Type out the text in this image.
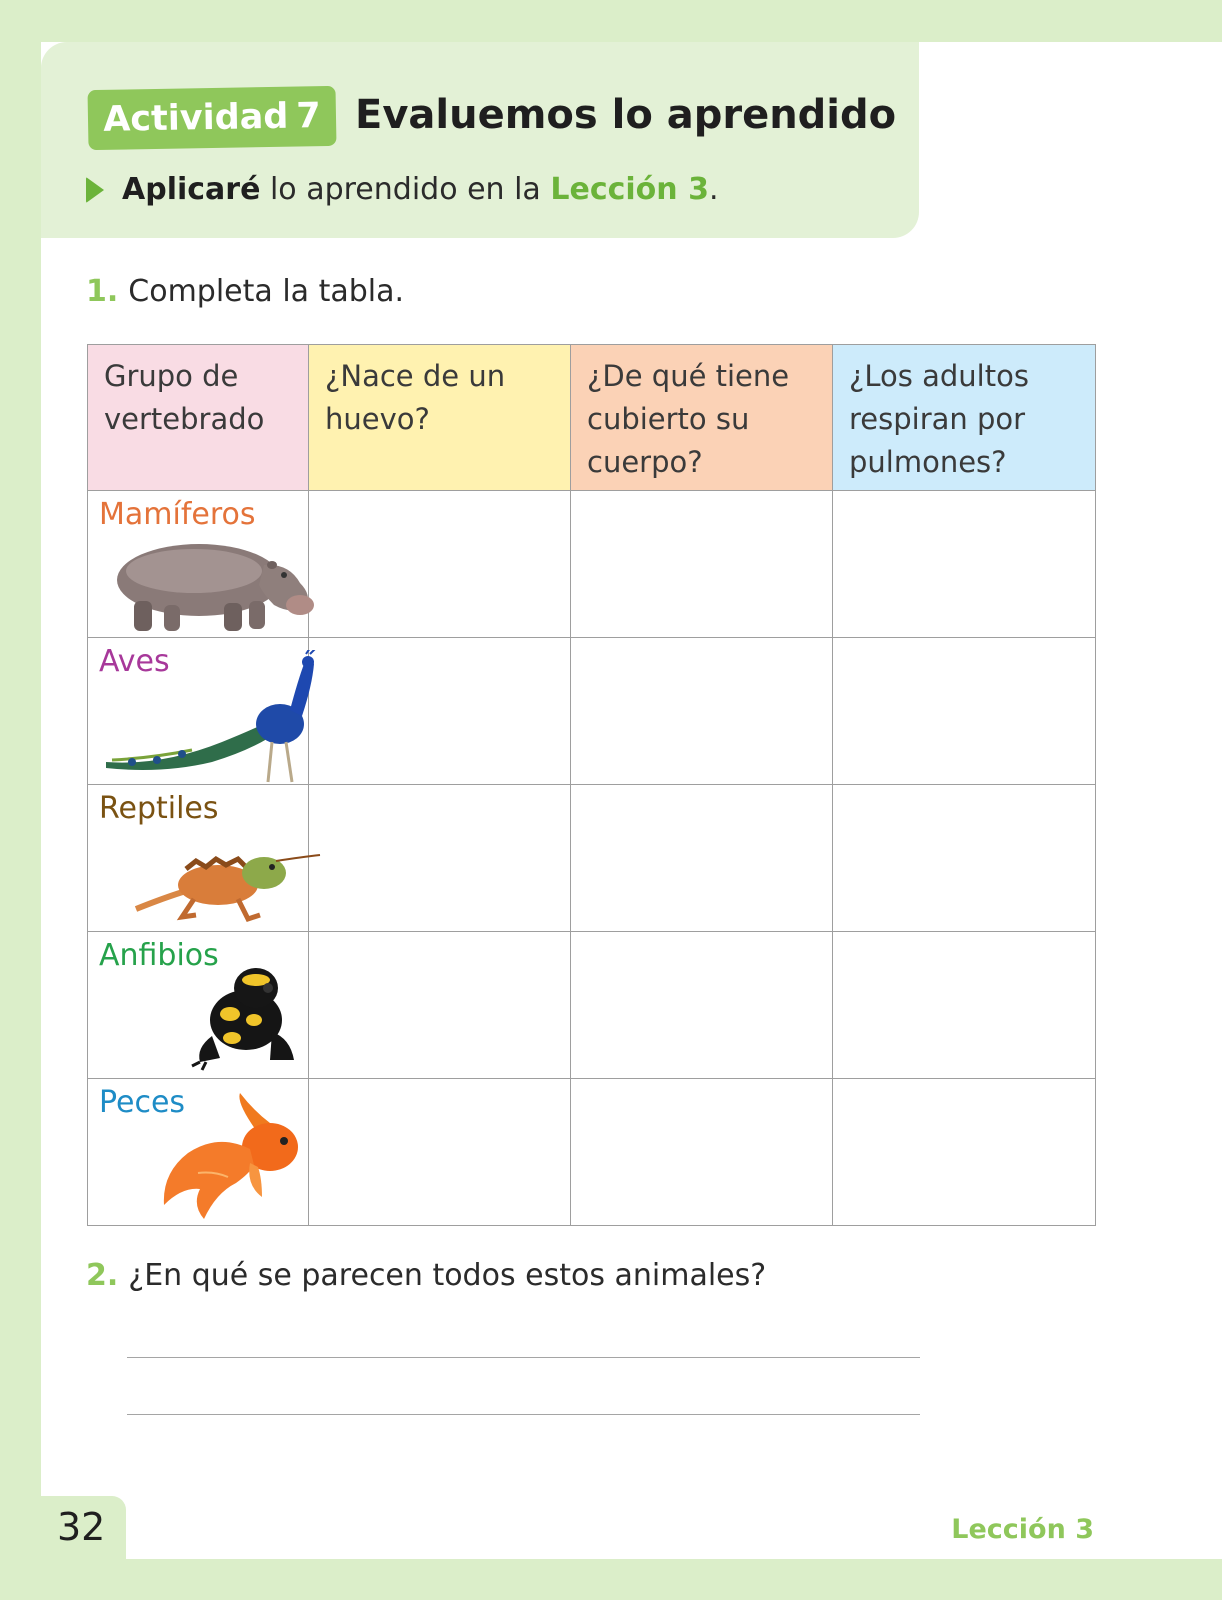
Actividad 7 Evaluemos lo aprendido
Aplicaré lo aprendido en la Lección 3 .
1. Completa la tabla.
Grupo de vertebrado	¿Nace de un huevo?	¿De qué tiene cubierto su cuerpo?	¿Los adultos respiran por pulmones?

Mamíferos			

Aves			

Reptiles			

Anfibios			

Peces			

2. ¿En qué se parecen todos estos animales?
32	Lección 3
